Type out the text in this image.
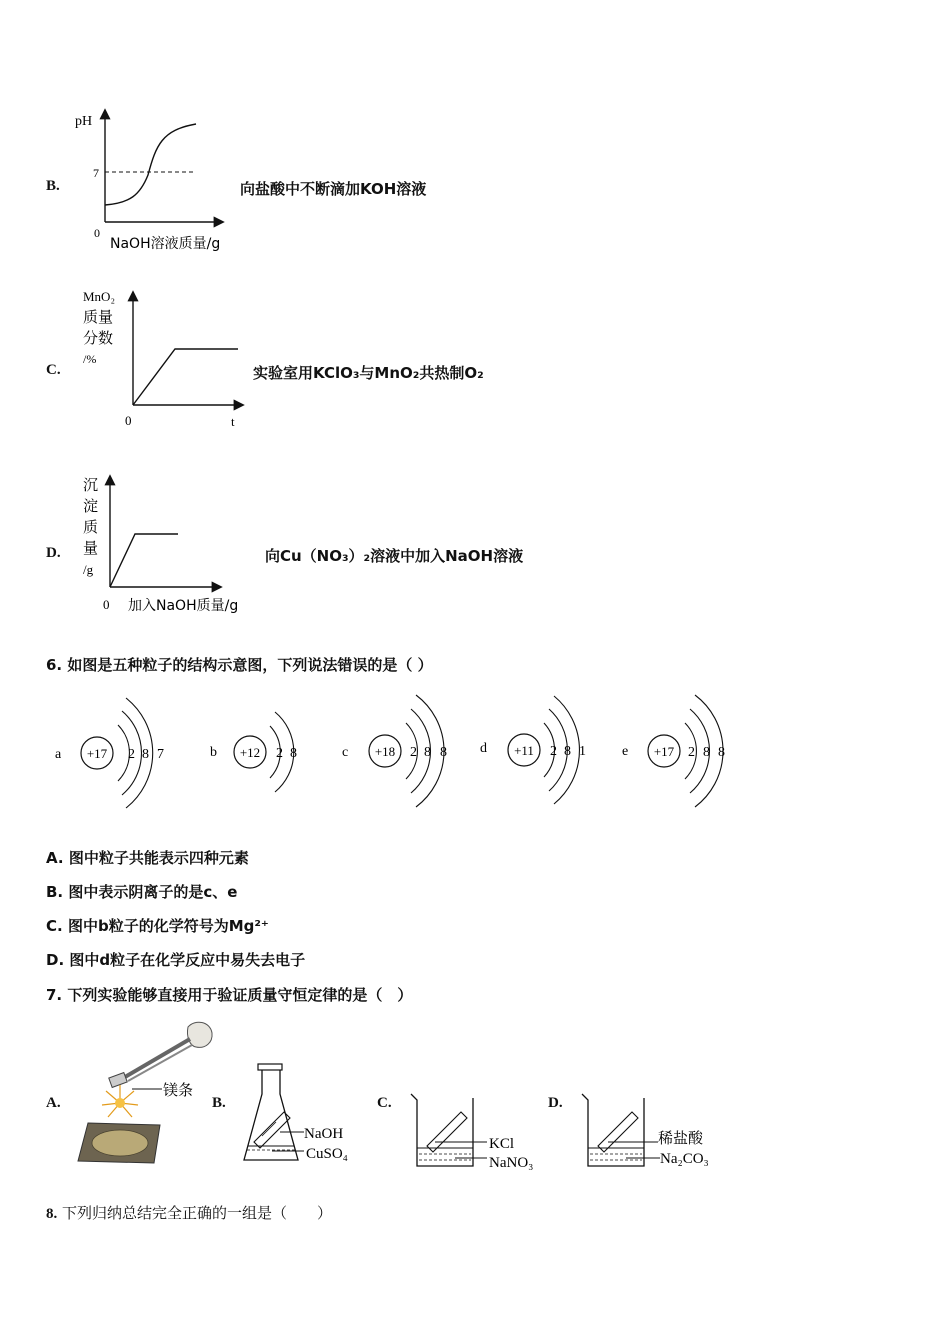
B.
pH
7
0
NaOH溶液质量/g
向盐酸中不断滴加KOH溶液
C.
MnO₂
质量
分数
/%
0	t
实验室用KClO₃与MnO₂共热制O₂
D.
沉
淀
质
量
/g
0 加入NaOH质量/g
向Cu（NO₃）₂溶液中加入NaOH溶液
6. 如图是五种粒子的结构示意图，下列说法错误的是（ ）
a +17 2 8 7	b +12 2 8	c +18 2 8 8 d +11 2 8 1	e +17 2 8 8
A. 图中粒子共能表示四种元素
B. 图中表示阴离子的是c、e
C. 图中b粒子的化学符号为Mg²⁺
D. 图中d粒子在化学反应中易失去电子
7. 下列实验能够直接用于验证质量守恒定律的是（　）
A.
镁条
B.
NaOH
CuSO₄
C.
KCl
NaNO₃
D.
稀盐酸
Na₂CO₃
8. 下列归纳总结完全正确的一组是（　　）
